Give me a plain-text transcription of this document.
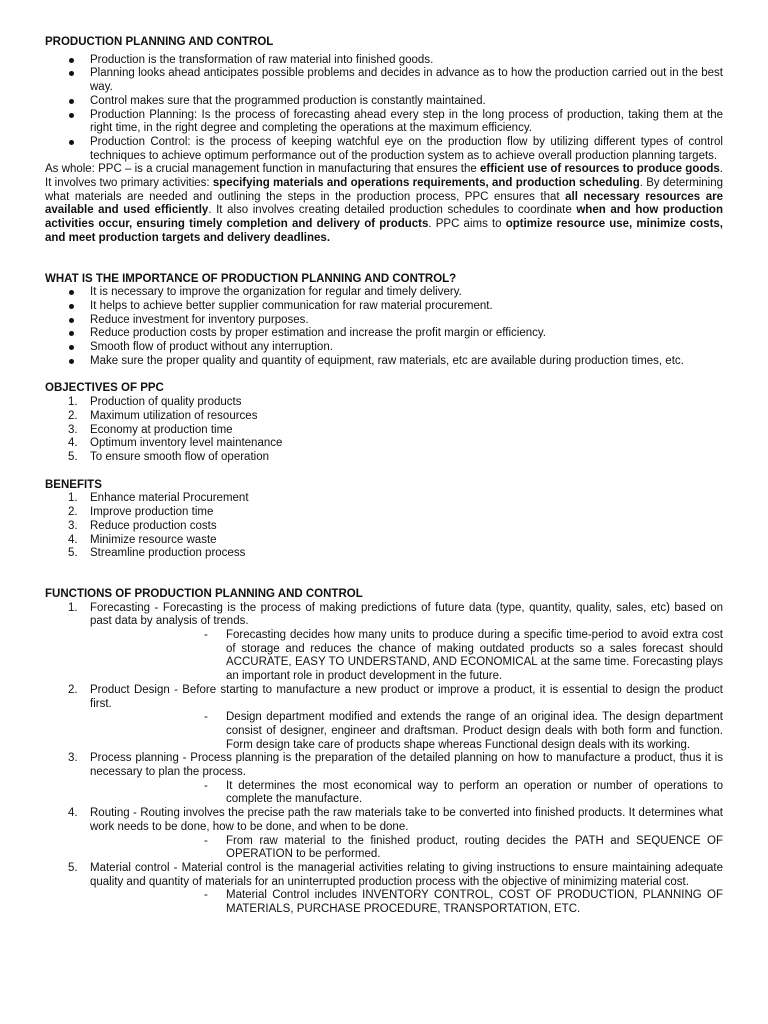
PRODUCTION PLANNING AND CONTROL

Production is the transformation of raw material into finished goods.
Planning looks ahead anticipates possible problems and decides in advance as to how the production carried out in the best way.
Control makes sure that the programmed production is constantly maintained.
Production Planning: Is the process of forecasting ahead every step in the long process of production, taking them at the right time, in the right degree and completing the operations at the maximum efficiency.
Production Control: is the process of keeping watchful eye on the production flow by utilizing different types of control techniques to achieve optimum performance out of the production system as to achieve overall production planning targets.

As whole: PPC – is a crucial management function in manufacturing that ensures the efficient use of resources to produce goods. It involves two primary activities: specifying materials and operations requirements, and production scheduling. By determining what materials are needed and outlining the steps in the production process, PPC ensures that all necessary resources are available and used efficiently. It also involves creating detailed production schedules to coordinate when and how production activities occur, ensuring timely completion and delivery of products. PPC aims to optimize resource use, minimize costs, and meet production targets and delivery deadlines.

WHAT IS THE IMPORTANCE OF PRODUCTION PLANNING AND CONTROL?

It is necessary to improve the organization for regular and timely delivery.
It helps to achieve better supplier communication for raw material procurement.
Reduce investment for inventory purposes.
Reduce production costs by proper estimation and increase the profit margin or efficiency.
Smooth flow of product without any interruption.
Make sure the proper quality and quantity of equipment, raw materials, etc are available during production times, etc.

OBJECTIVES OF PPC

1. Production of quality products
2. Maximum utilization of resources
3. Economy at production time
4. Optimum inventory level maintenance
5. To ensure smooth flow of operation

BENEFITS

1. Enhance material Procurement
2. Improve production time
3. Reduce production costs
4. Minimize resource waste
5. Streamline production process

FUNCTIONS OF PRODUCTION PLANNING AND CONTROL

1. Forecasting - Forecasting is the process of making predictions of future data (type, quantity, quality, sales, etc) based on past data by analysis of trends.
- Forecasting decides how many units to produce during a specific time-period to avoid extra cost of storage and reduces the chance of making outdated products so a sales forecast should ACCURATE, EASY TO UNDERSTAND, AND ECONOMICAL at the same time. Forecasting plays an important role in product development in the future.
2. Product Design - Before starting to manufacture a new product or improve a product, it is essential to design the product first.
- Design department modified and extends the range of an original idea. The design department consist of designer, engineer and draftsman. Product design deals with both form and function. Form design take care of products shape whereas Functional design deals with its working.
3. Process planning - Process planning is the preparation of the detailed planning on how to manufacture a product, thus it is necessary to plan the process.
- It determines the most economical way to perform an operation or number of operations to complete the manufacture.
4. Routing - Routing involves the precise path the raw materials take to be converted into finished products. It determines what work needs to be done, how to be done, and when to be done.
- From raw material to the finished product, routing decides the PATH and SEQUENCE OF OPERATION to be performed.
5. Material control - Material control is the managerial activities relating to giving instructions to ensure maintaining adequate quality and quantity of materials for an uninterrupted production process with the objective of minimizing material cost.
- Material Control includes INVENTORY CONTROL, COST OF PRODUCTION, PLANNING OF MATERIALS, PURCHASE PROCEDURE, TRANSPORTATION, ETC.
